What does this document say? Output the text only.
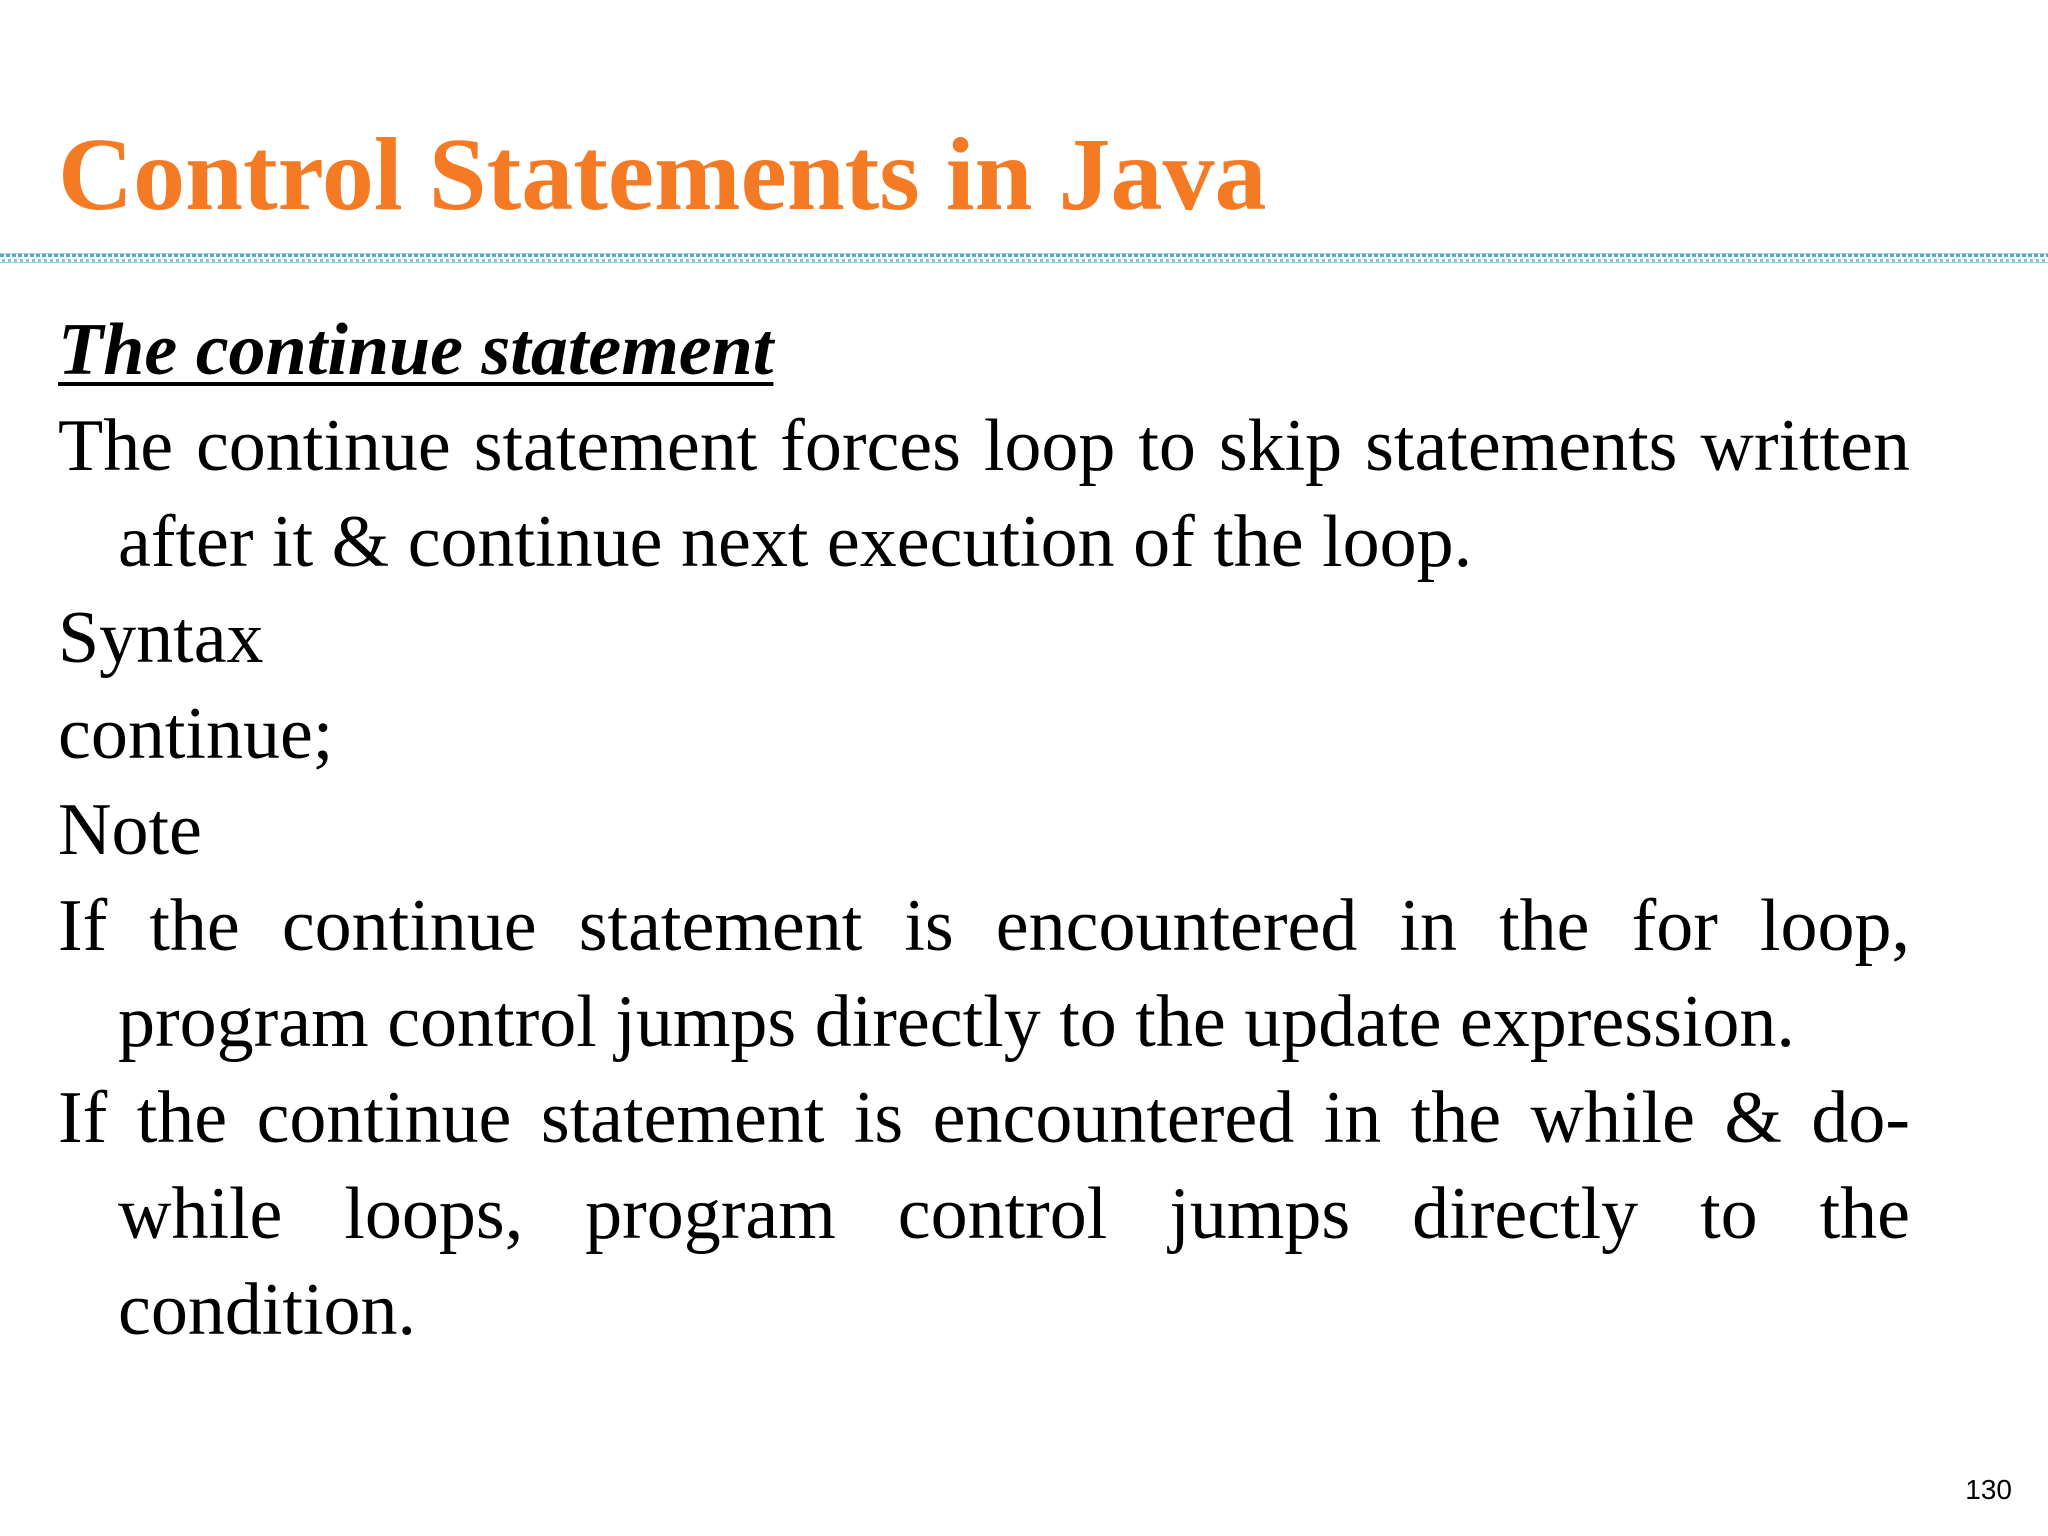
Control Statements in Java
The continue statement

The continue statement forces loop to skip statements written after it & continue next execution of the loop.

Syntax

continue;

Note

If the continue statement is encountered in the for loop, program control jumps directly to the update expression.

If the continue statement is encountered in the while & do-while loops, program control jumps directly to the condition.

130
